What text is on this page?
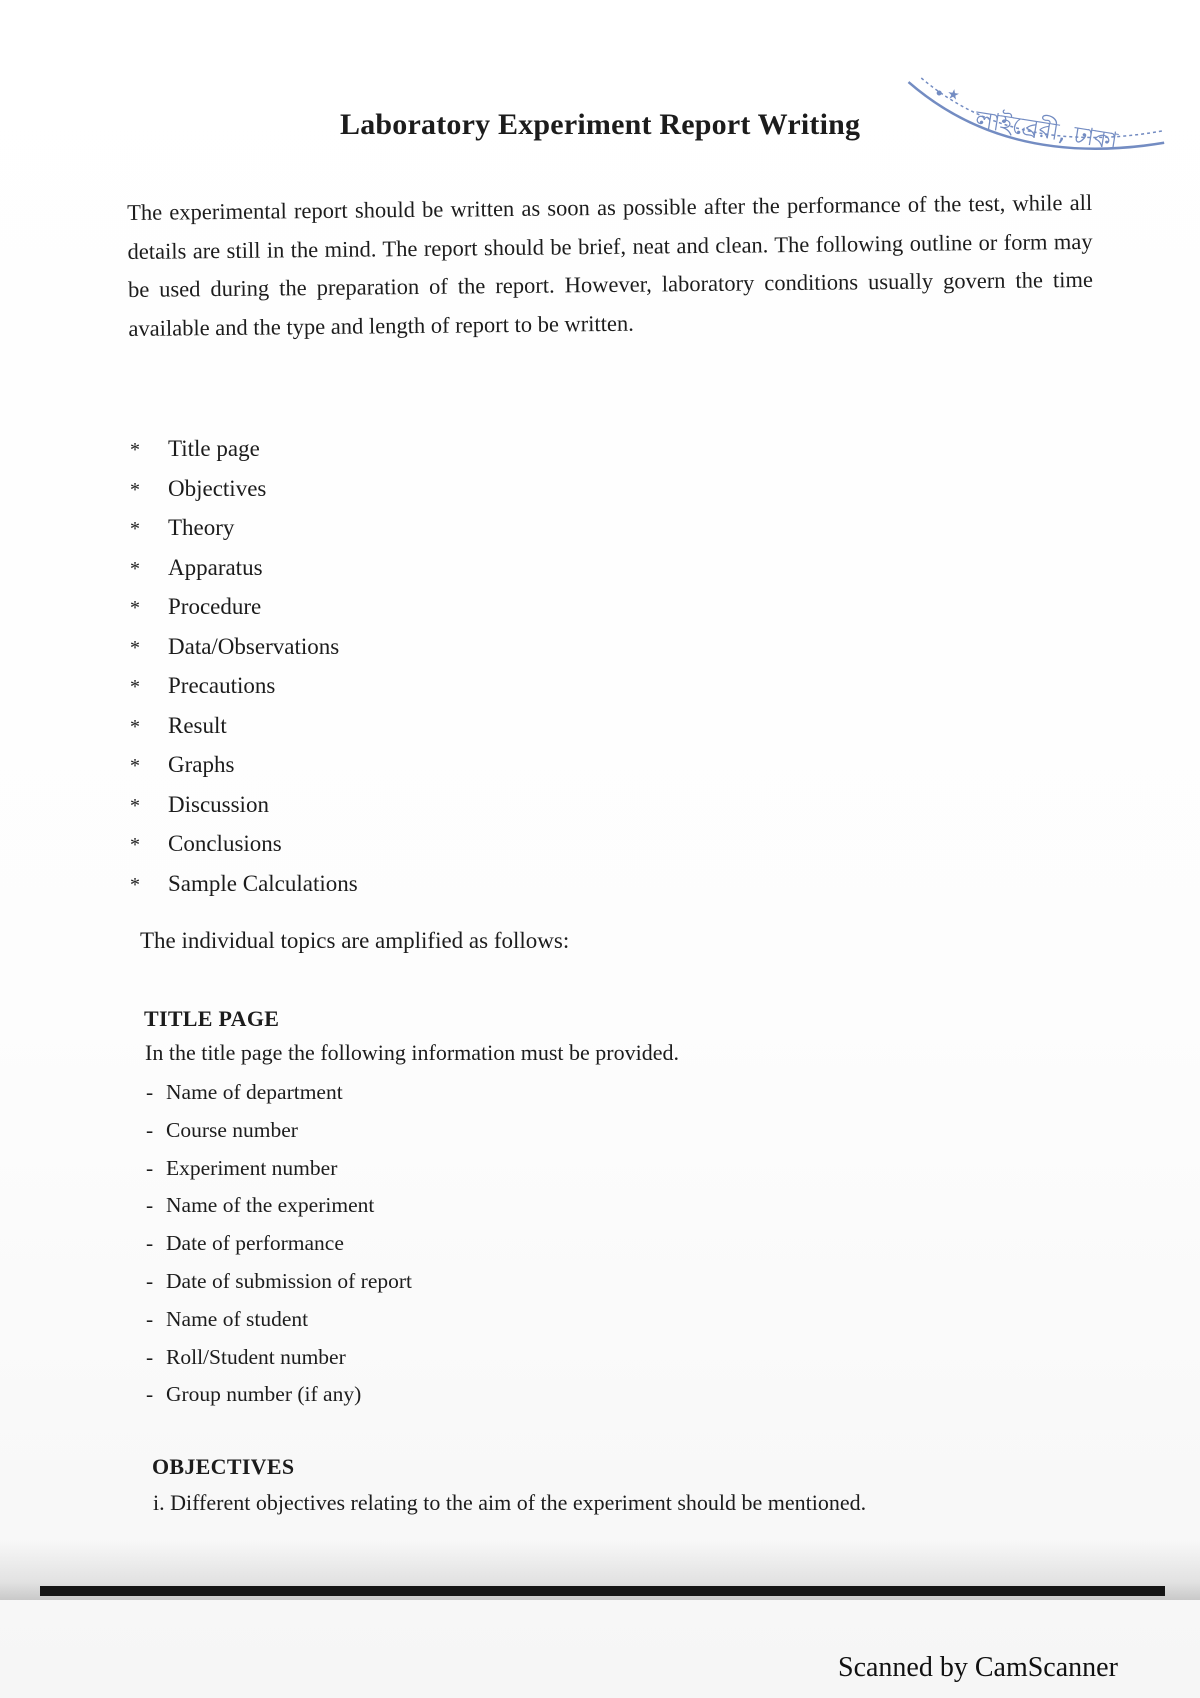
★
লাইব্রেরী, ঢাকা
Laboratory Experiment Report Writing
The experimental report should be written as soon as possible after the performance of the test, while all details are still in the mind. The report should be brief, neat and clean. The following outline or form may be used during the preparation of the report. However, laboratory conditions usually govern the time available and the type and length of report to be written.
*	Title page
*	Objectives
*	Theory
*	Apparatus
*	Procedure
*	Data/Observations
*	Precautions
*	Result
*	Graphs
*	Discussion
*	Conclusions
*	Sample Calculations
The individual topics are amplified as follows:
TITLE PAGE
In the title page the following information must be provided.
- Name of department
- Course number
- Experiment number
- Name of the experiment
- Date of performance
- Date of submission of report
- Name of student
- Roll/Student number
- Group number (if any)
OBJECTIVES
i. Different objectives relating to the aim of the experiment should be mentioned.
Scanned by CamScanner
